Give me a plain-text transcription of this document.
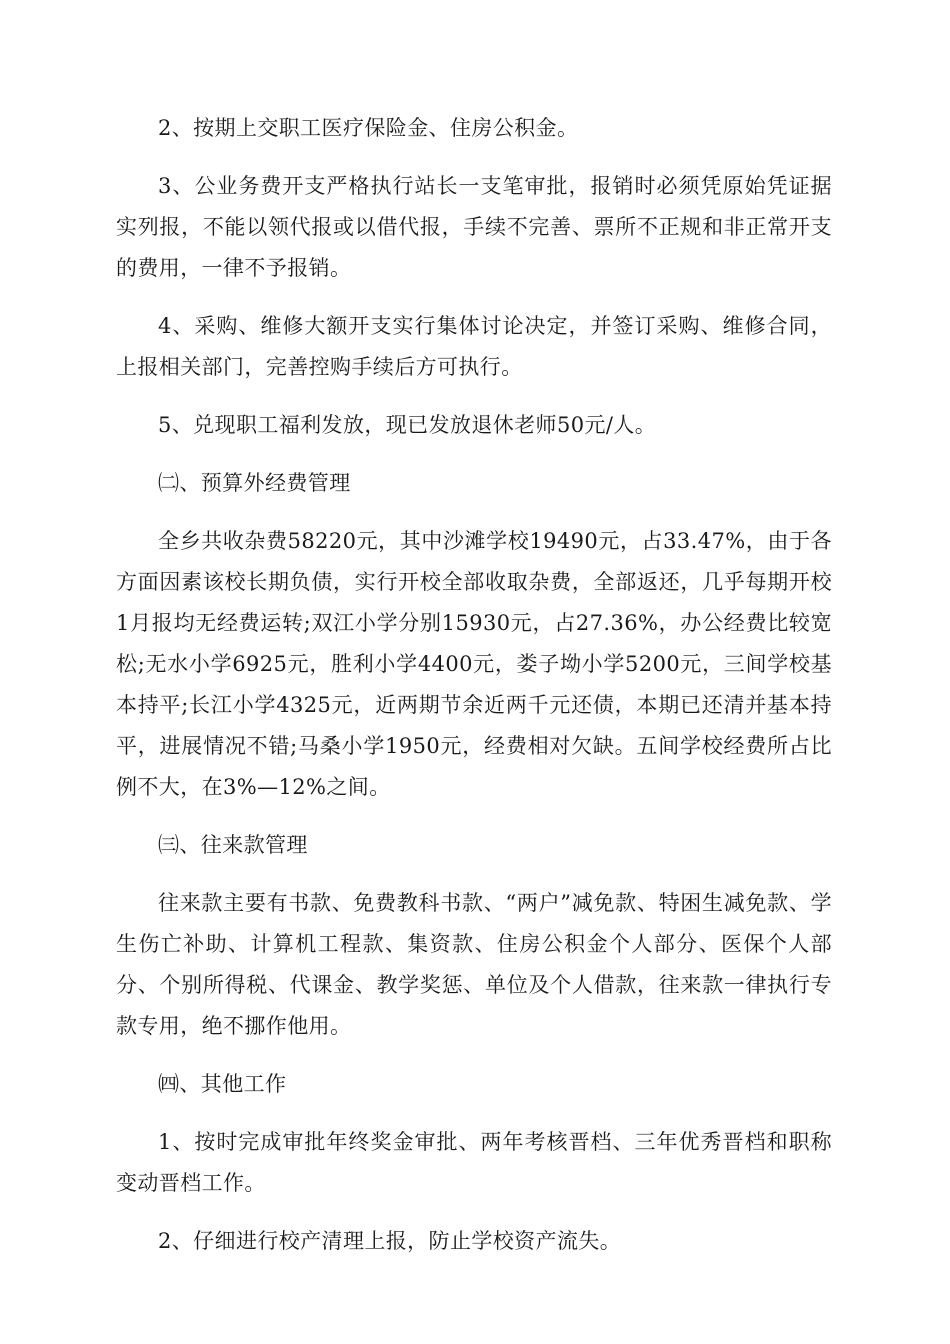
2、按期上交职工医疗保险金、住房公积金。

3、公业务费开支严格执行站长一支笔审批，报销时必须凭原始凭证据实列报，不能以领代报或以借代报，手续不完善、票所不正规和非正常开支的费用，一律不予报销。

4、采购、维修大额开支实行集体讨论决定，并签订采购、维修合同，上报相关部门，完善控购手续后方可执行。

5、兑现职工福利发放，现已发放退休老师50元/人。

㈡、预算外经费管理

全乡共收杂费58220元，其中沙滩学校19490元，占33.47%，由于各方面因素该校长期负债，实行开校全部收取杂费，全部返还，几乎每期开校1月报均无经费运转;双江小学分别15930元，占27.36%，办公经费比较宽松;无水小学6925元，胜利小学4400元，娄子坳小学5200元，三间学校基本持平;长江小学4325元，近两期节余近两千元还债，本期已还清并基本持平，进展情况不错;马桑小学1950元，经费相对欠缺。五间学校经费所占比例不大，在3%—12%之间。

㈢、往来款管理

往来款主要有书款、免费教科书款、“两户”减免款、特困生减免款、学生伤亡补助、计算机工程款、集资款、住房公积金个人部分、医保个人部分、个别所得税、代课金、教学奖惩、单位及个人借款，往来款一律执行专款专用，绝不挪作他用。

㈣、其他工作

1、按时完成审批年终奖金审批、两年考核晋档、三年优秀晋档和职称变动晋档工作。

2、仔细进行校产清理上报，防止学校资产流失。
